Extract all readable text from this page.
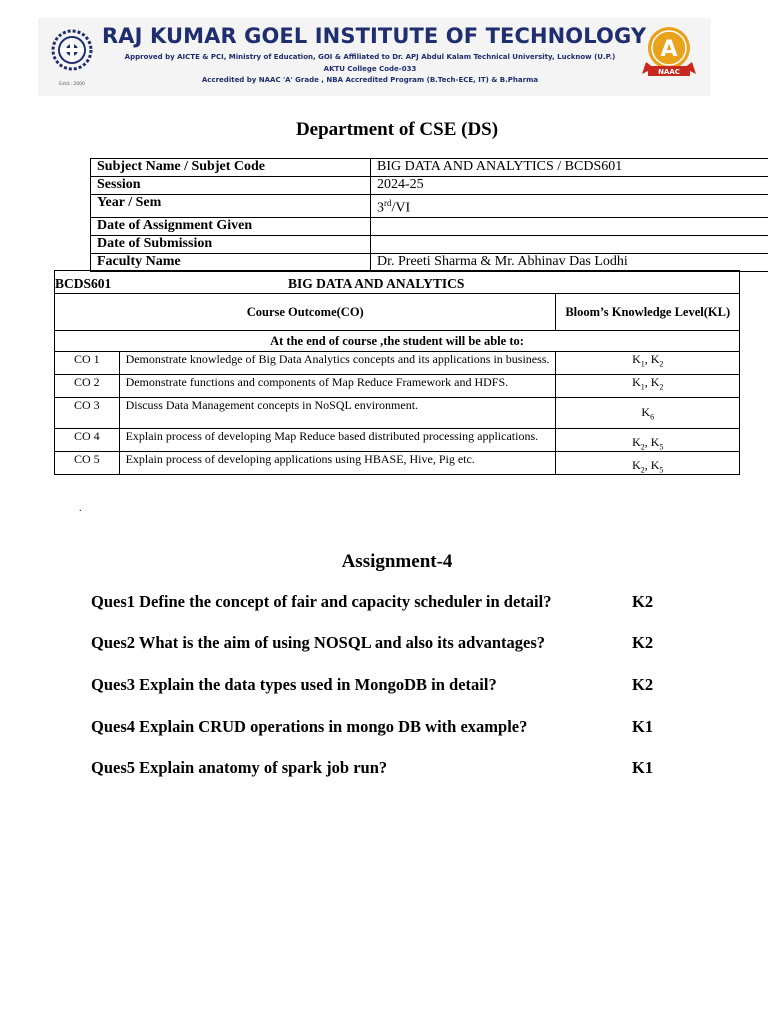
Estd.: 2000
RAJ KUMAR GOEL INSTITUTE OF TECHNOLOGY
Approved by AICTE & PCI, Ministry of Education, GOI & Affiliated to Dr. APJ Abdul Kalam Technical University, Lucknow (U.P.)
AKTU College Code-033
Accredited by NAAC 'A' Grade , NBA Accredited Program (B.Tech-ECE, IT) & B.Pharma
A
NAAC
Department of CSE (DS)
Subject Name / Subjet Code	BIG DATA AND ANALYTICS / BCDS601
Session	2024-25
Year / Sem	3rd/VI
Date of Assignment Given	
Date of Submission	
Faculty Name	Dr. Preeti Sharma & Mr. Abhinav Das Lodhi
BCDS601 BIG DATA AND ANALYTICS		

Course Outcome(CO)		Bloom’s Knowledge Level(KL)
At the end of course ,the student will be able to:		
CO 1	Demonstrate knowledge of Big Data Analytics concepts and its applications in business.	$K_1$, $K_2$
CO 2	Demonstrate functions and components of Map Reduce Framework and HDFS.	$K_1$, $K_2$
CO 3	Discuss Data Management concepts in NoSQL environment.	$K_6$
CO 4	Explain process of developing Map Reduce based distributed processing applications.	$K_2$, $K_5$
CO 5	Explain process of developing applications using HBASE, Hive, Pig etc.	$K_2$, $K_5$
.
Assignment-4
Ques1 Define the concept of fair and capacity scheduler in detail?	K2
Ques2 What is the aim of using NOSQL and also its advantages?	K2
Ques3 Explain the data types used in MongoDB in detail?	K2
Ques4 Explain CRUD operations in mongo DB with example?	K1
Ques5 Explain anatomy of spark job run?	K1
